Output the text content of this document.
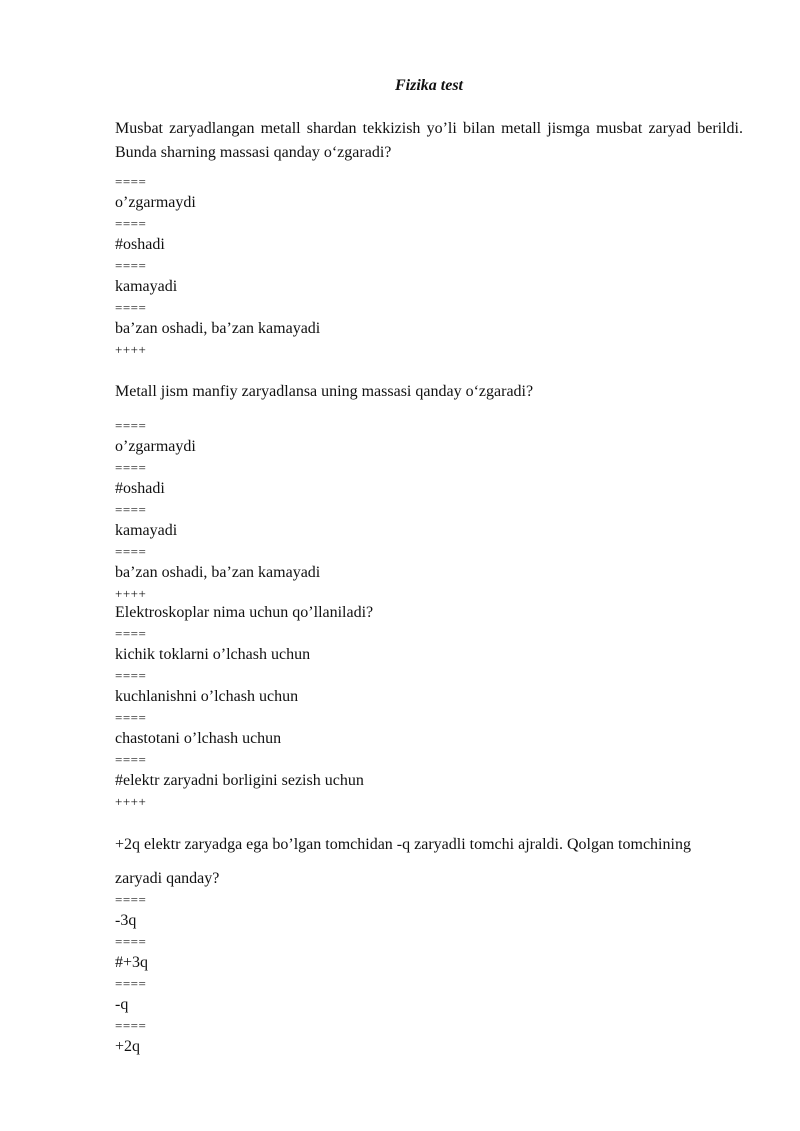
Fizika test
Musbat zaryadlangan metall shardan tekkizish yo’li bilan metall jismga musbat zaryad berildi. Bunda sharning massasi qanday o‘zgaradi?
====
o’zgarmaydi
====
#oshadi
====
kamayadi
====
ba’zan oshadi, ba’zan kamayadi
++++
Metall jism manfiy zaryadlansa uning massasi qanday o‘zgaradi?
====
o’zgarmaydi
====
#oshadi
====
kamayadi
====
ba’zan oshadi, ba’zan kamayadi
++++
Elektroskoplar nima uchun qo’llaniladi?
====
kichik toklarni o’lchash uchun
====
kuchlanishni o’lchash uchun
====
chastotani o’lchash uchun
====
#elektr zaryadni borligini sezish uchun
++++
+2q elektr zaryadga ega bo’lgan tomchidan -q zaryadli tomchi ajraldi. Qolgan tomchining
zaryadi qanday?
====
-3q
====
#+3q
====
-q
====
+2q
